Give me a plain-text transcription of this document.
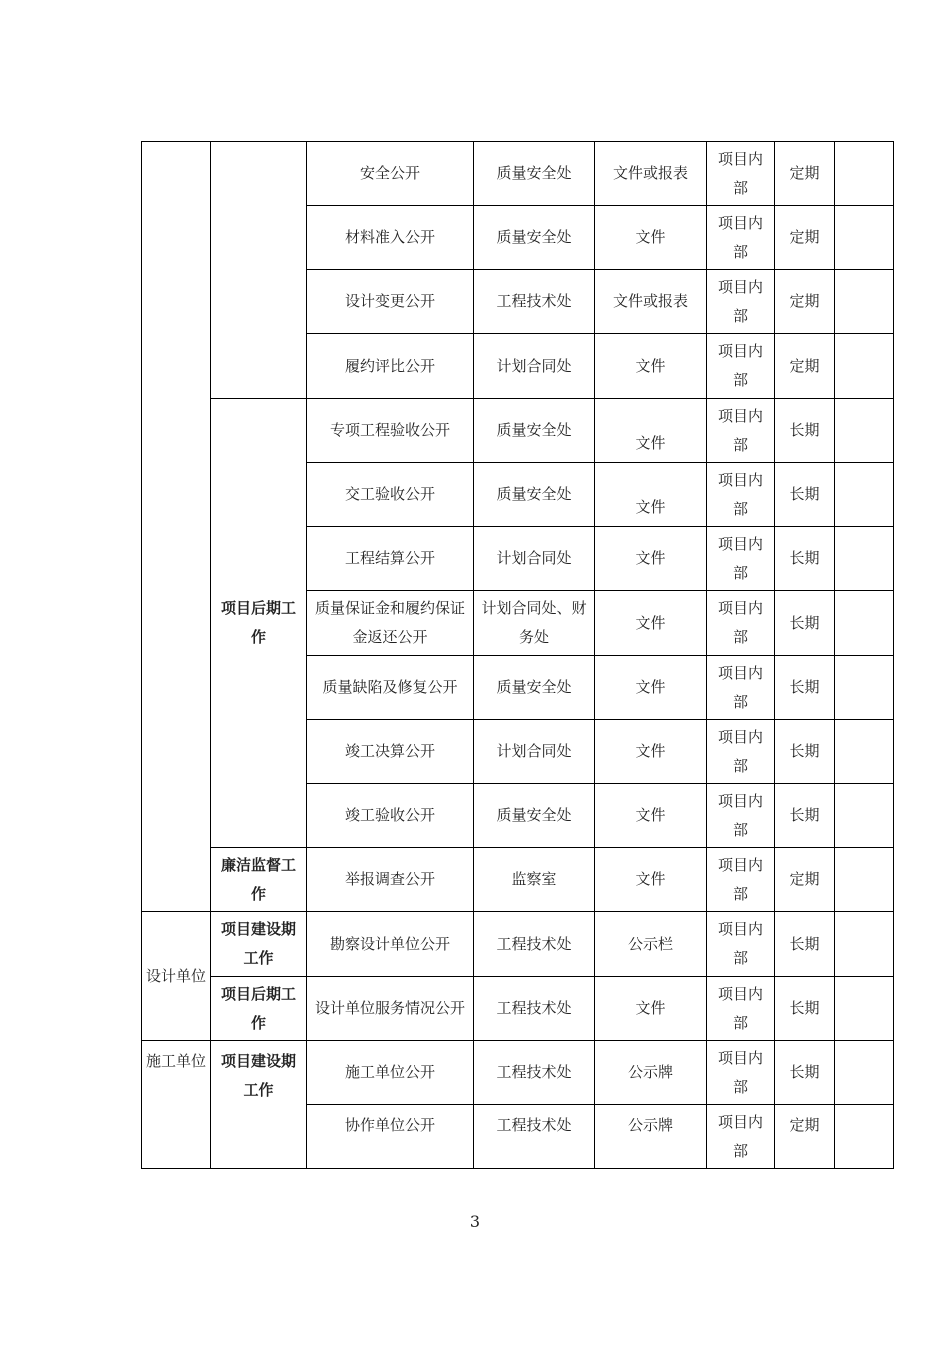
		安全公开	质量安全处	文件或报表	项目内部	定期	
		材料准入公开	质量安全处	文件	项目内部	定期	
		设计变更公开	工程技术处	文件或报表	项目内部	定期	
		履约评比公开	计划合同处	文件	项目内部	定期	
	项目后期工作	专项工程验收公开	质量安全处	文件	项目内部	长期	
		交工验收公开	质量安全处	文件	项目内部	长期	
		工程结算公开	计划合同处	文件	项目内部	长期	
		质量保证金和履约保证金返还公开	计划合同处、财务处	文件	项目内部	长期	
		质量缺陷及修复公开	质量安全处	文件	项目内部	长期	
		竣工决算公开	计划合同处	文件	项目内部	长期	
		竣工验收公开	质量安全处	文件	项目内部	长期	
	廉洁监督工作	举报调查公开	监察室	文件	项目内部	定期	
设计单位	项目建设期工作	勘察设计单位公开	工程技术处	公示栏	项目内部	长期	
	项目后期工作	设计单位服务情况公开	工程技术处	文件	项目内部	长期	
施工单位	项目建设期工作	施工单位公开	工程技术处	公示牌	项目内部	长期	
		协作单位公开	工程技术处	公示牌	项目内部	定期	
3
